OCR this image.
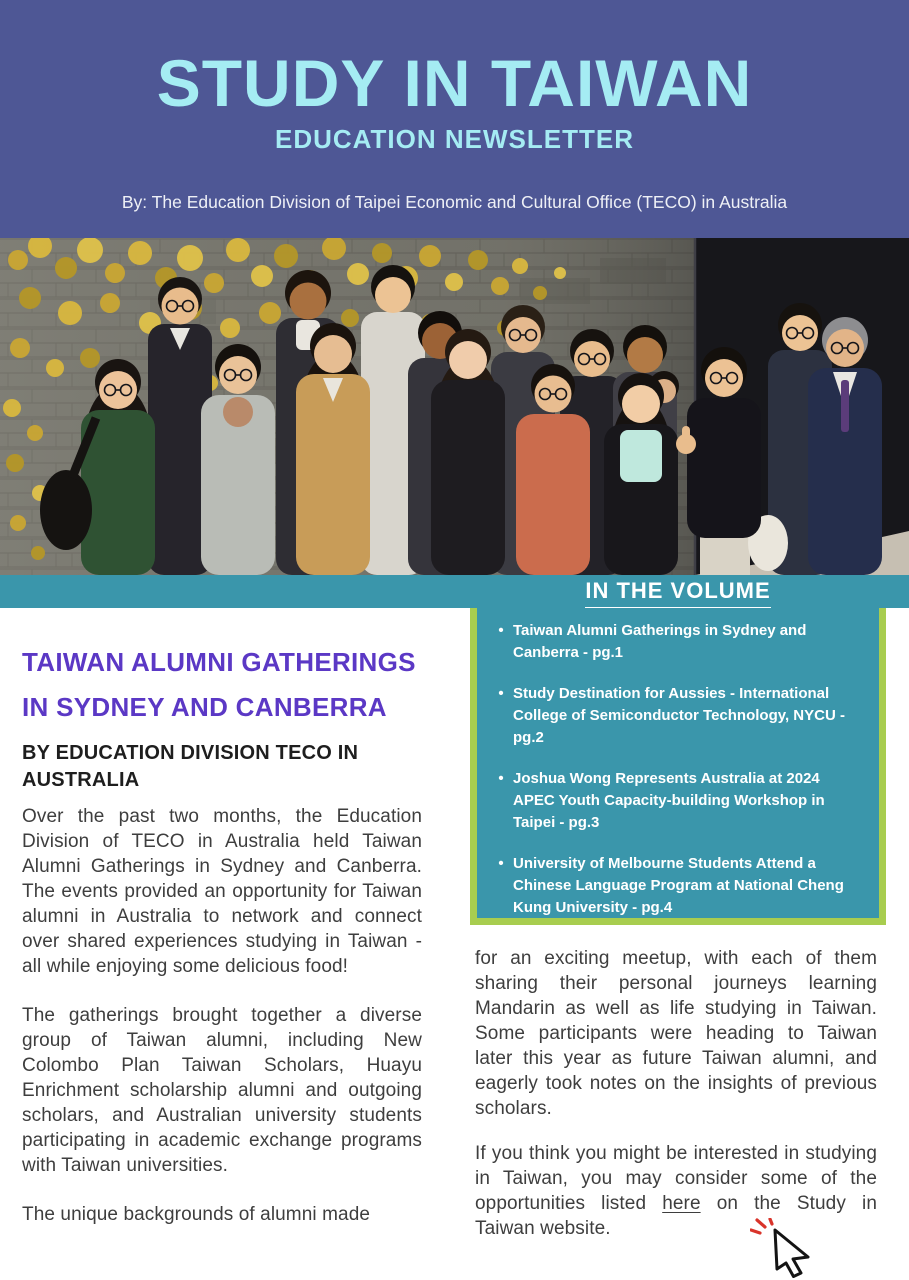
STUDY IN TAIWAN
EDUCATION NEWSLETTER

By: The Education Division of Taipei Economic and Cultural Office (TECO) in Australia

IN THE VOLUME
• Taiwan Alumni Gatherings in Sydney and Canberra - pg.1
• Study Destination for Aussies - International College of Semiconductor Technology, NYCU - pg.2
• Joshua Wong Represents Australia at 2024 APEC Youth Capacity-building Workshop in Taipei - pg.3
• University of Melbourne Students Attend a Chinese Language Program at National Cheng Kung University - pg.4
TAIWAN ALUMNI GATHERINGS IN SYDNEY AND CANBERRA
BY EDUCATION DIVISION TECO IN AUSTRALIA

Over the past two months, the Education Division of TECO in Australia held Taiwan Alumni Gatherings in Sydney and Canberra. The events provided an opportunity for Taiwan alumni in Australia to network and connect over shared experiences studying in Taiwan - all while enjoying some delicious food!

The gatherings brought together a diverse group of Taiwan alumni, including New Colombo Plan Taiwan Scholars, Huayu Enrichment scholarship alumni and outgoing scholars, and Australian university students participating in academic exchange programs with Taiwan universities.

The unique backgrounds of alumni made

for an exciting meetup, with each of them sharing their personal journeys learning Mandarin as well as life studying in Taiwan. Some participants were heading to Taiwan later this year as future Taiwan alumni, and eagerly took notes on the insights of previous scholars.

If you think you might be interested in studying in Taiwan, you may consider some of the opportunities listed here on the Study in Taiwan website.
